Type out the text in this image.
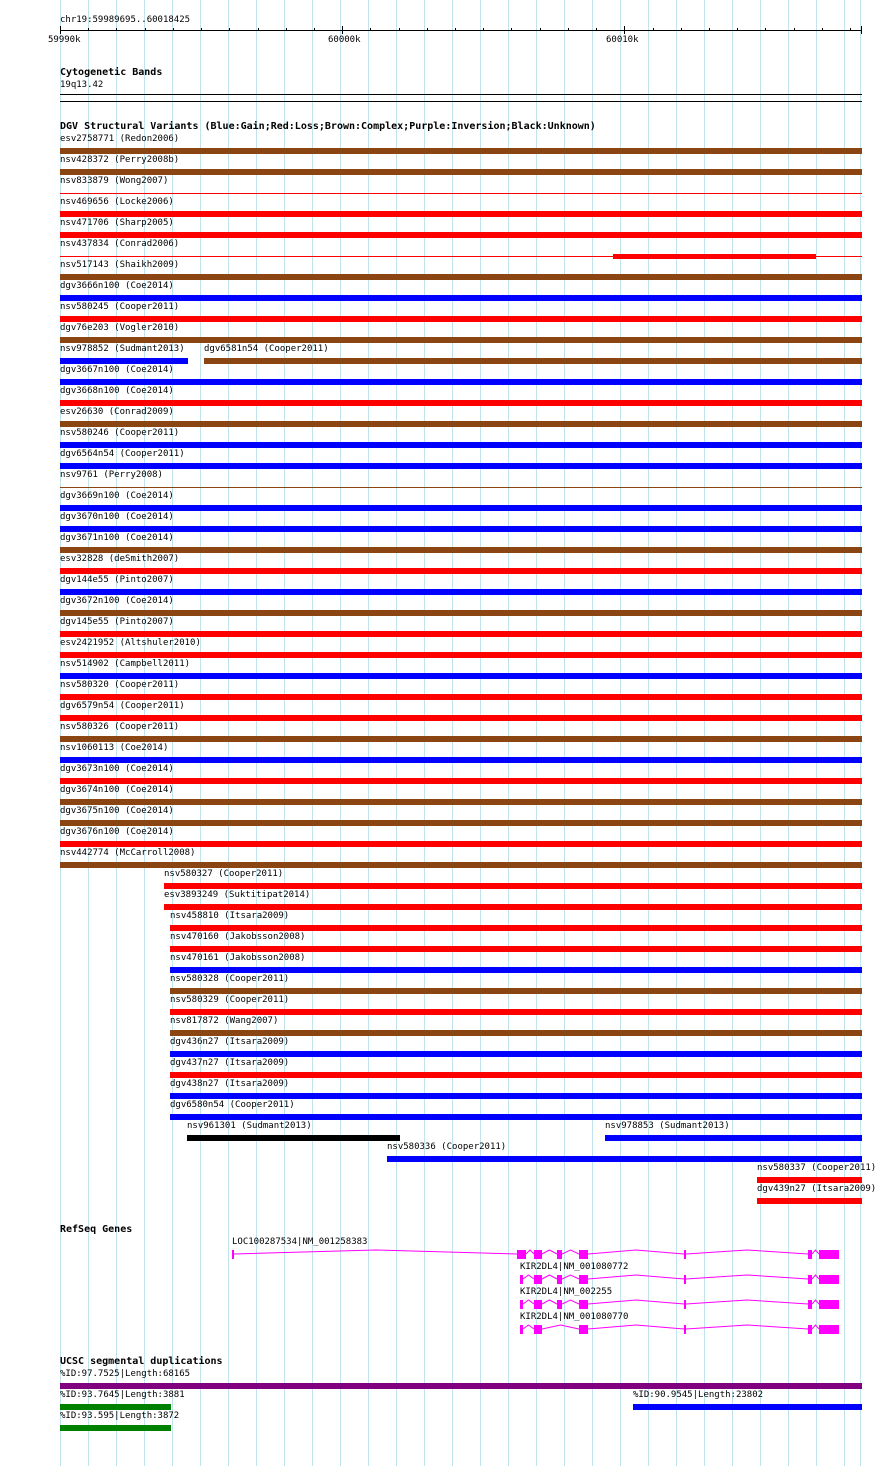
chr19:59989695..60018425
59990k	60000k	60010k
Cytogenetic Bands
19q13.42
DGV Structural Variants (Blue:Gain;Red:Loss;Brown:Complex;Purple:Inversion;Black:Unknown)
esv2758771 (Redon2006)
nsv428372 (Perry2008b)
nsv833879 (Wong2007)
nsv469656 (Locke2006)
nsv471706 (Sharp2005)
nsv437834 (Conrad2006)
nsv517143 (Shaikh2009)
dgv3666n100 (Coe2014)
nsv580245 (Cooper2011)
dgv76e203 (Vogler2010)
nsv978852 (Sudmant2013) dgv6581n54 (Cooper2011)
dgv3667n100 (Coe2014)
dgv3668n100 (Coe2014)
esv26630 (Conrad2009)
nsv580246 (Cooper2011)
dgv6564n54 (Cooper2011)
nsv9761 (Perry2008)
dgv3669n100 (Coe2014)
dgv3670n100 (Coe2014)
dgv3671n100 (Coe2014)
esv32828 (deSmith2007)
dgv144e55 (Pinto2007)
dgv3672n100 (Coe2014)
dgv145e55 (Pinto2007)
esv2421952 (Altshuler2010)
nsv514902 (Campbell2011)
nsv580320 (Cooper2011)
dgv6579n54 (Cooper2011)
nsv580326 (Cooper2011)
nsv1060113 (Coe2014)
dgv3673n100 (Coe2014)
dgv3674n100 (Coe2014)
dgv3675n100 (Coe2014)
dgv3676n100 (Coe2014)
nsv442774 (McCarroll2008)
nsv580327 (Cooper2011)
esv3893249 (Suktitipat2014)
nsv458810 (Itsara2009)
nsv470160 (Jakobsson2008)
nsv470161 (Jakobsson2008)
nsv580328 (Cooper2011)
nsv580329 (Cooper2011)
nsv817872 (Wang2007)
dgv436n27 (Itsara2009)
dgv437n27 (Itsara2009)
dgv438n27 (Itsara2009)
dgv6580n54 (Cooper2011)
nsv961301 (Sudmant2013)	nsv978853 (Sudmant2013)
nsv580336 (Cooper2011)
nsv580337 (Cooper2011)
dgv439n27 (Itsara2009)
RefSeq Genes
LOC100287534|NM_001258383
KIR2DL4|NM_001080772
KIR2DL4|NM_002255
KIR2DL4|NM_001080770
UCSC segmental duplications
%ID:97.7525|Length:68165
%ID:93.7645|Length:3881	%ID:90.9545|Length:23802
%ID:93.595|Length:3872
